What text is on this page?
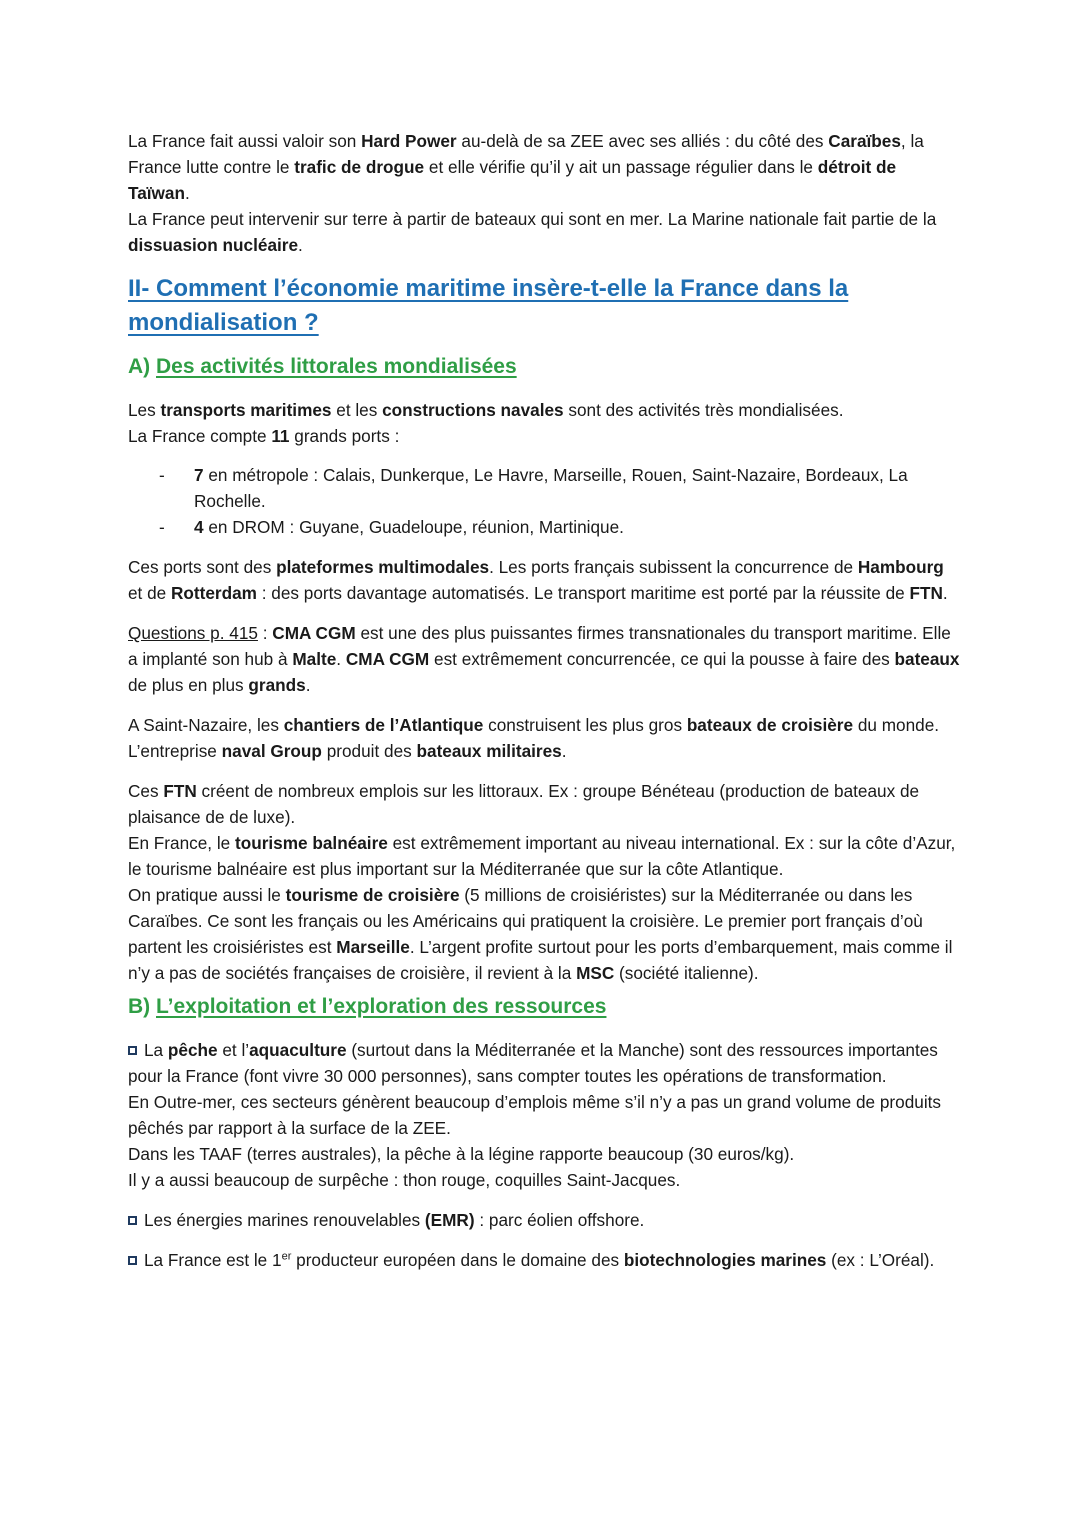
La France fait aussi valoir son Hard Power au-delà de sa ZEE avec ses alliés : du côté des Caraïbes, la France lutte contre le trafic de drogue et elle vérifie qu’il y ait un passage régulier dans le détroit de Taïwan.

La France peut intervenir sur terre à partir de bateaux qui sont en mer. La Marine nationale fait partie de la dissuasion nucléaire.

II- Comment l’économie maritime insère-t-elle la France dans la mondialisation ?
A) Des activités littorales mondialisées

Les transports maritimes et les constructions navales sont des activités très mondialisées.

La France compte 11 grands ports :

- 7 en métropole : Calais, Dunkerque, Le Havre, Marseille, Rouen, Saint-Nazaire, Bordeaux, La Rochelle.
- 4 en DROM : Guyane, Guadeloupe, réunion, Martinique.

Ces ports sont des plateformes multimodales. Les ports français subissent la concurrence de Hambourg et de Rotterdam : des ports davantage automatisés. Le transport maritime est porté par la réussite de FTN.

Questions p. 415 : CMA CGM est une des plus puissantes firmes transnationales du transport maritime. Elle a implanté son hub à Malte. CMA CGM est extrêmement concurrencée, ce qui la pousse à faire des bateaux de plus en plus grands.

A Saint-Nazaire, les chantiers de l’Atlantique construisent les plus gros bateaux de croisière du monde. L’entreprise naval Group produit des bateaux militaires.

Ces FTN créent de nombreux emplois sur les littoraux. Ex : groupe Bénéteau (production de bateaux de plaisance de de luxe).

En France, le tourisme balnéaire est extrêmement important au niveau international. Ex : sur la côte d’Azur, le tourisme balnéaire est plus important sur la Méditerranée que sur la côte Atlantique.

On pratique aussi le tourisme de croisière (5 millions de croisiéristes) sur la Méditerranée ou dans les Caraïbes. Ce sont les français ou les Américains qui pratiquent la croisière. Le premier port français d’où partent les croisiéristes est Marseille. L’argent profite surtout pour les ports d’embarquement, mais comme il n’y a pas de sociétés françaises de croisière, il revient à la MSC (société italienne).

B) L’exploitation et l’exploration des ressources

La pêche et l’aquaculture (surtout dans la Méditerranée et la Manche) sont des ressources importantes pour la France (font vivre 30 000 personnes), sans compter toutes les opérations de transformation.

En Outre-mer, ces secteurs génèrent beaucoup d’emplois même s’il n’y a pas un grand volume de produits pêchés par rapport à la surface de la ZEE.

Dans les TAAF (terres australes), la pêche à la légine rapporte beaucoup (30 euros/kg).

Il y a aussi beaucoup de surpêche : thon rouge, coquilles Saint-Jacques.

Les énergies marines renouvelables (EMR) : parc éolien offshore.

La France est le 1er producteur européen dans le domaine des biotechnologies marines (ex : L’Oréal).
